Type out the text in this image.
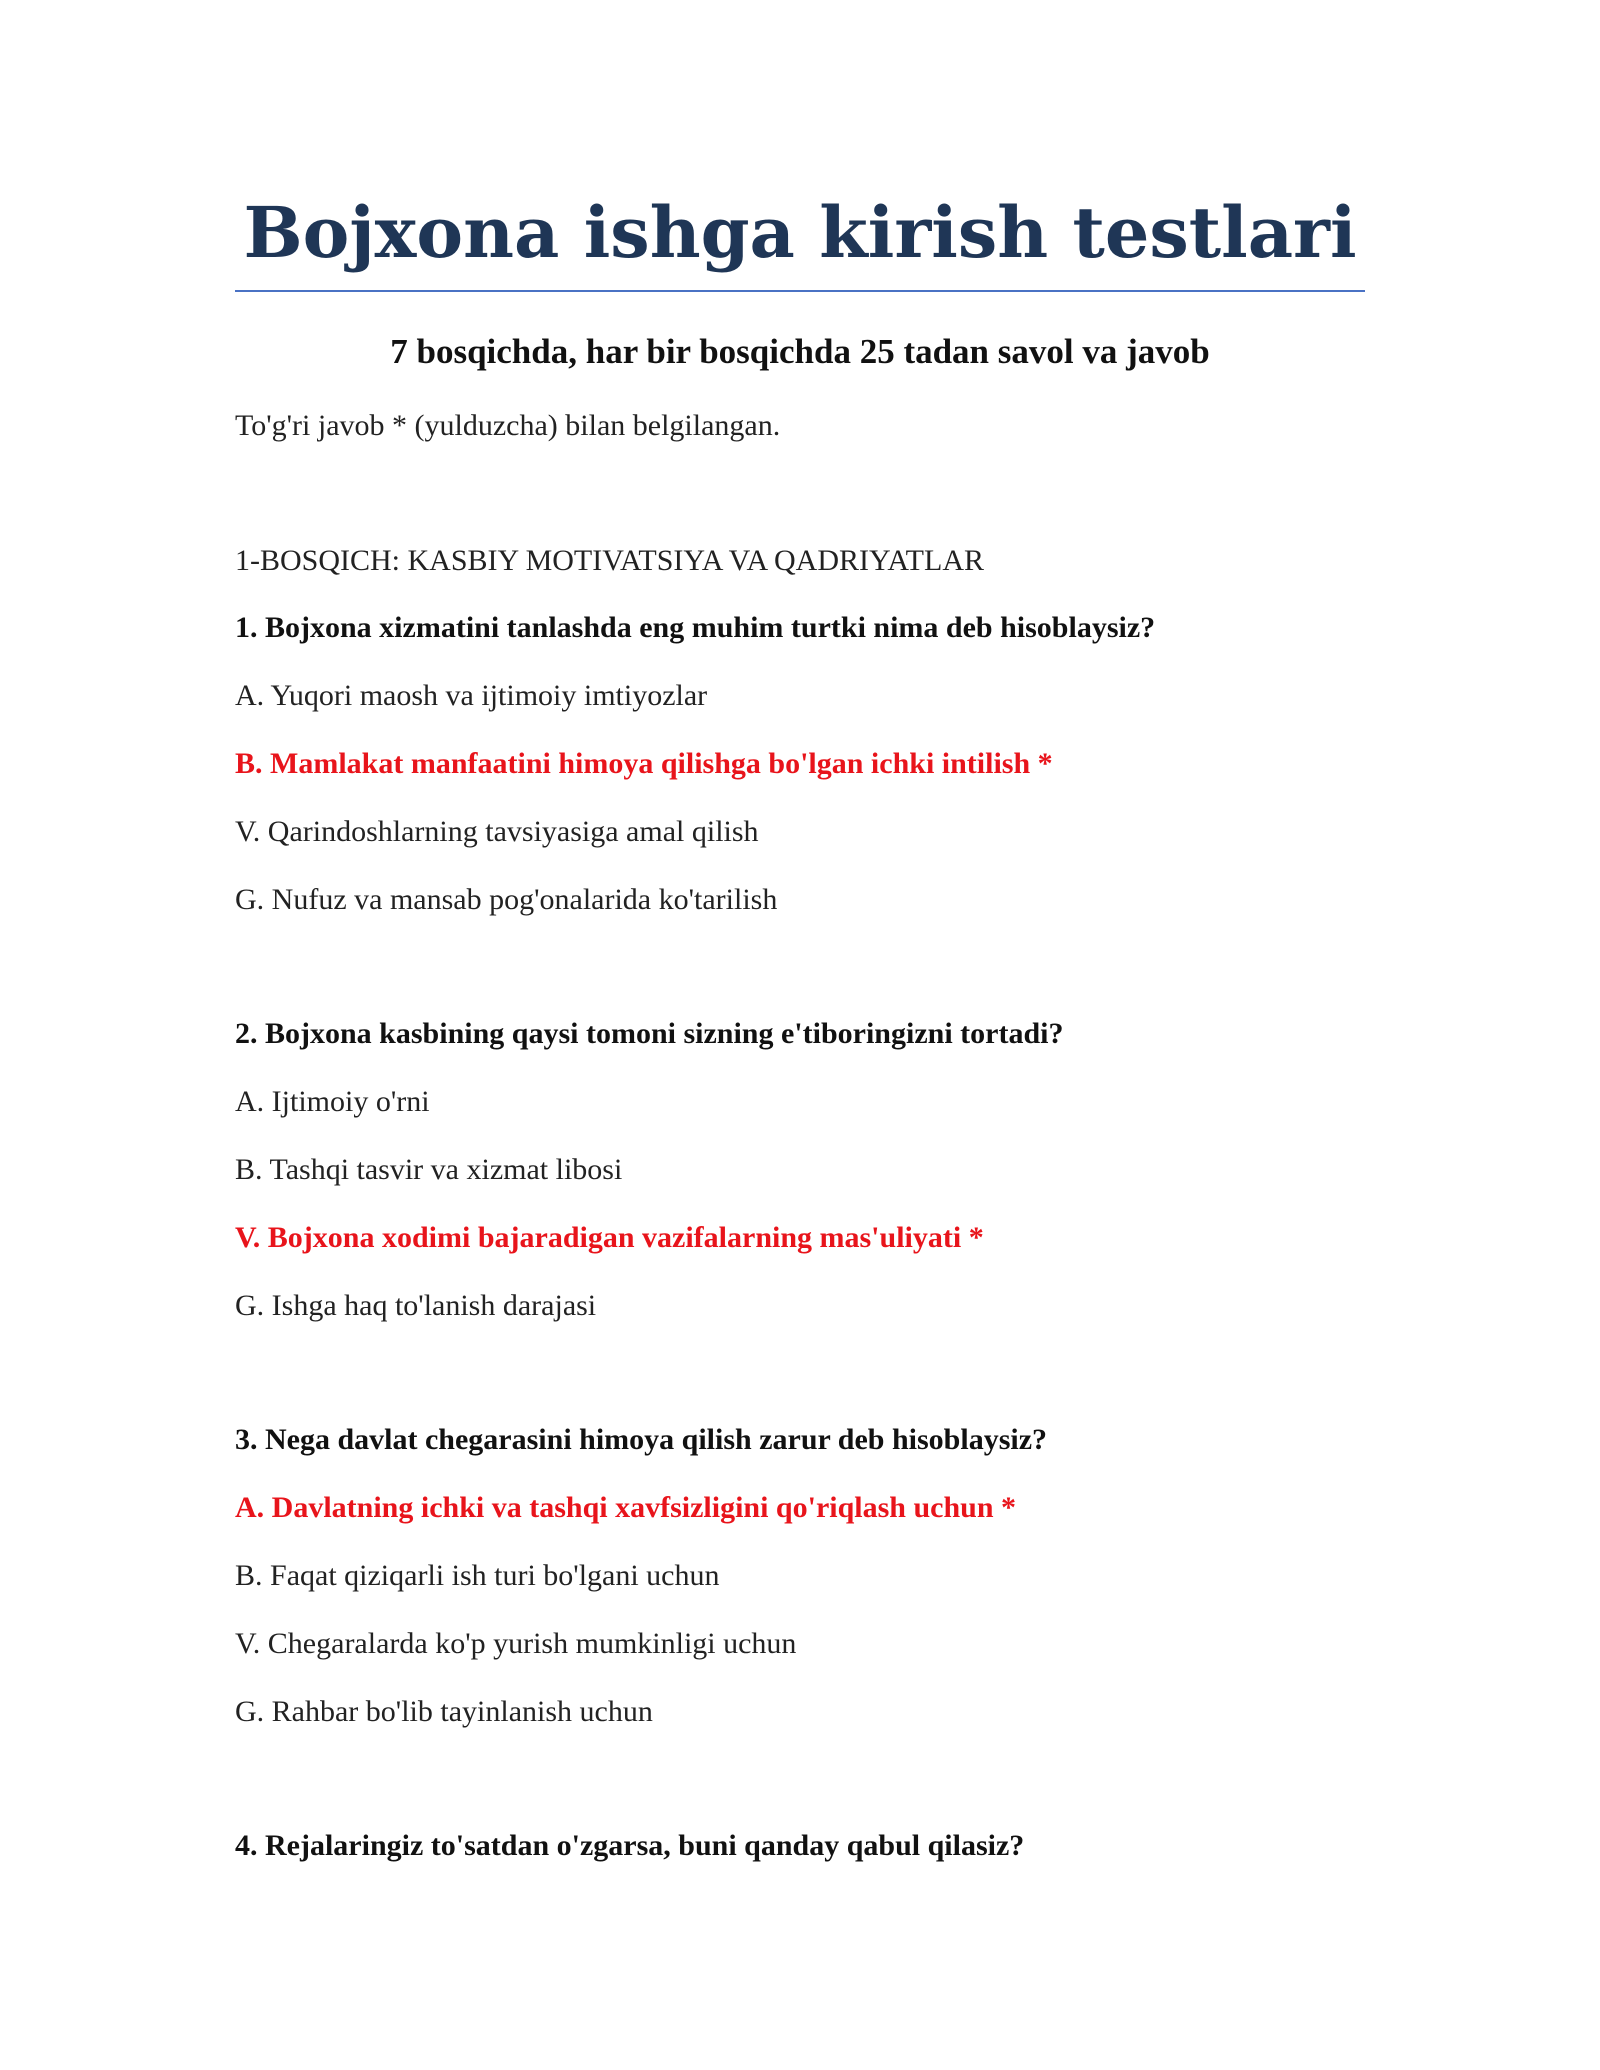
Bojxona ishga kirish testlari

7 bosqichda, har bir bosqichda 25 tadan savol va javob

To'g'ri javob * (yulduzcha) bilan belgilangan.

1-BOSQICH: KASBIY MOTIVATSIYA VA QADRIYATLAR

1. Bojxona xizmatini tanlashda eng muhim turtki nima deb hisoblaysiz?

A. Yuqori maosh va ijtimoiy imtiyozlar

B. Mamlakat manfaatini himoya qilishga bo'lgan ichki intilish *

V. Qarindoshlarning tavsiyasiga amal qilish

G. Nufuz va mansab pog'onalarida ko'tarilish

2. Bojxona kasbining qaysi tomoni sizning e'tiboringizni tortadi?

A. Ijtimoiy o'rni

B. Tashqi tasvir va xizmat libosi

V. Bojxona xodimi bajaradigan vazifalarning mas'uliyati *

G. Ishga haq to'lanish darajasi

3. Nega davlat chegarasini himoya qilish zarur deb hisoblaysiz?

A. Davlatning ichki va tashqi xavfsizligini qo'riqlash uchun *

B. Faqat qiziqarli ish turi bo'lgani uchun

V. Chegaralarda ko'p yurish mumkinligi uchun

G. Rahbar bo'lib tayinlanish uchun

4. Rejalaringiz to'satdan o'zgarsa, buni qanday qabul qilasiz?
